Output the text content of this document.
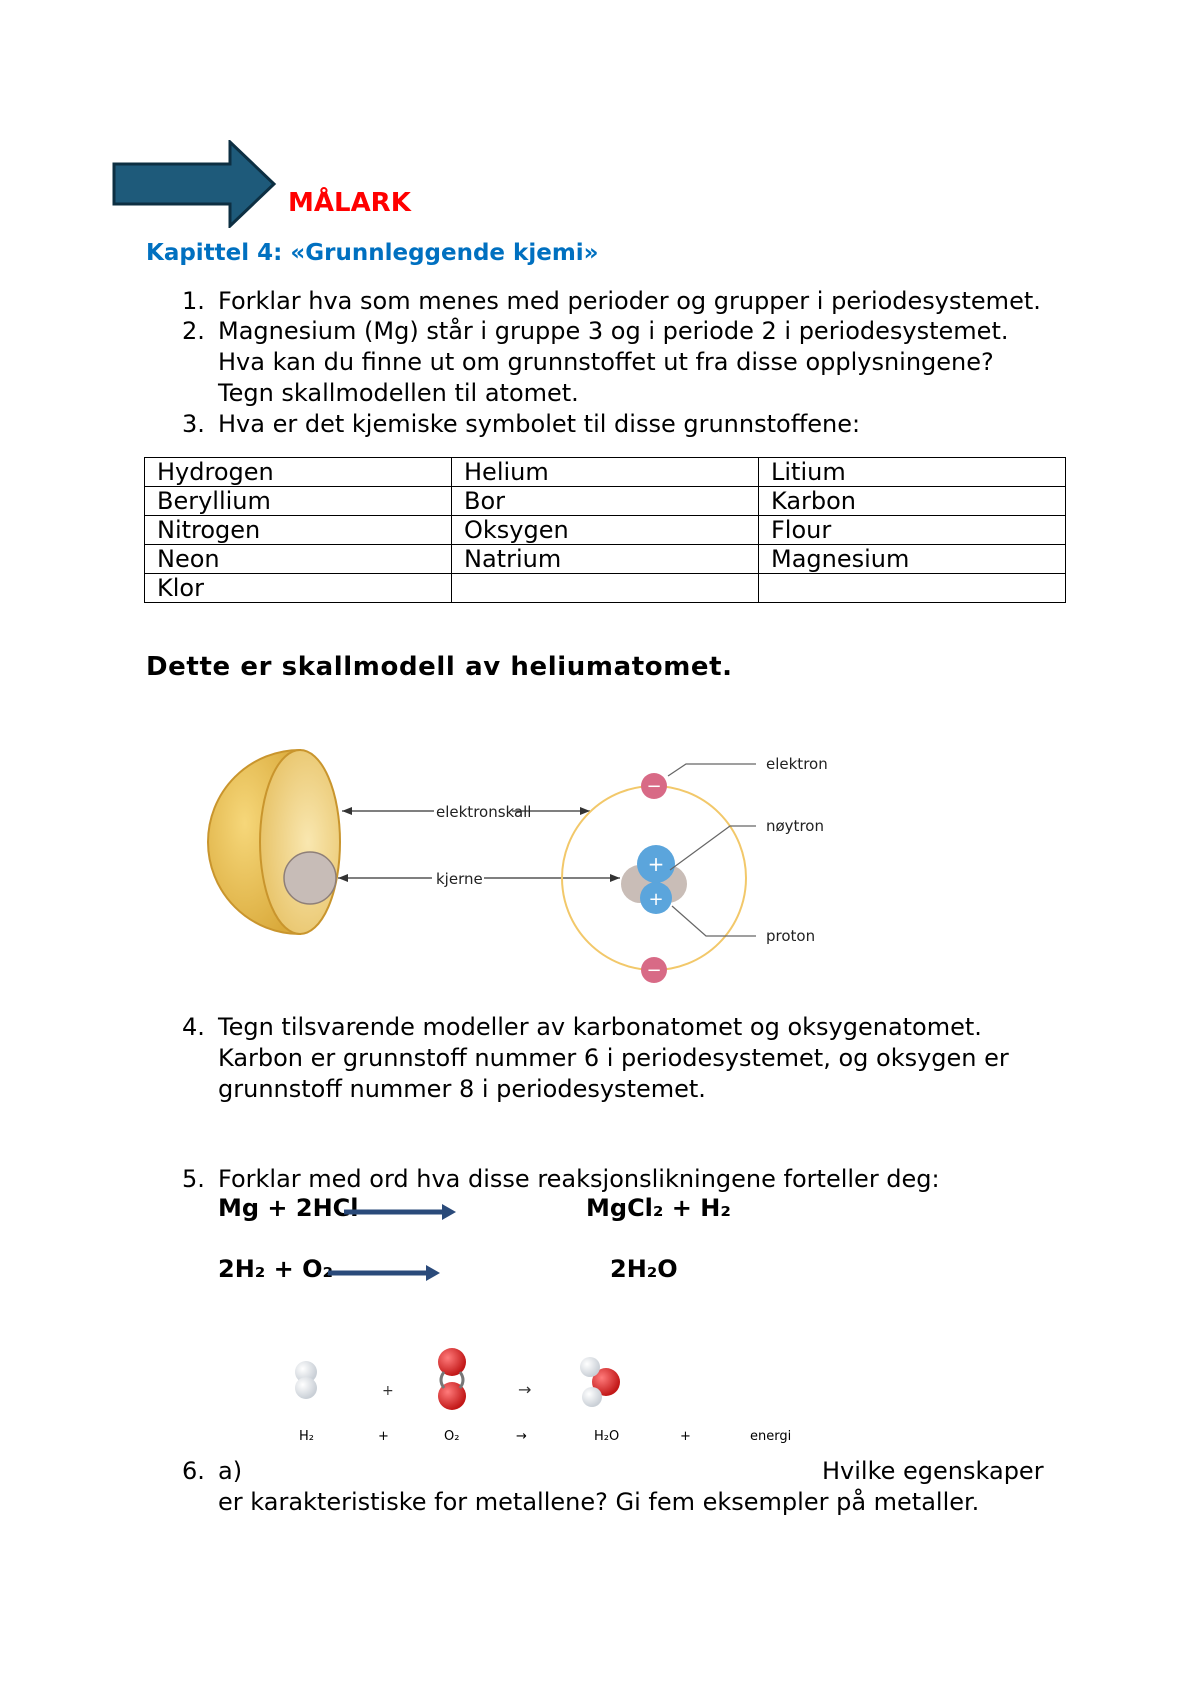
MÅLARK
Kapittel 4: «Grunnleggende kjemi»
1. Forklar hva som menes med perioder og grupper i periodesystemet.
2. Magnesium (Mg) står i gruppe 3 og i periode 2 i periodesystemet.
Hva kan du finne ut om grunnstoffet ut fra disse opplysningene?
Tegn skallmodellen til atomet.
3. Hva er det kjemiske symbolet til disse grunnstoffene:
Hydrogen	Helium	Litium
Beryllium	Bor	Karbon
Nitrogen	Oksygen	Flour
Neon	Natrium	Magnesium
Klor		
Dette er skallmodell av heliumatomet.
elektronskall
kjerne
+
+
−
−
elektron
nøytron
proton
4. Tegn tilsvarende modeller av karbonatomet og oksygenatomet.
Karbon er grunnstoff nummer 6 i periodesystemet, og oksygen er
grunnstoff nummer 8 i periodesystemet.
5. Forklar med ord hva disse reaksjonslikningene forteller deg:
Mg + 2HCl	MgCl₂ + H₂
2H₂ + O₂	2H₂O
+	→
H₂	+	O₂	→	H₂O	+	energi
6. a)	Hvilke egenskaper
er karakteristiske for metallene? Gi fem eksempler på metaller.
